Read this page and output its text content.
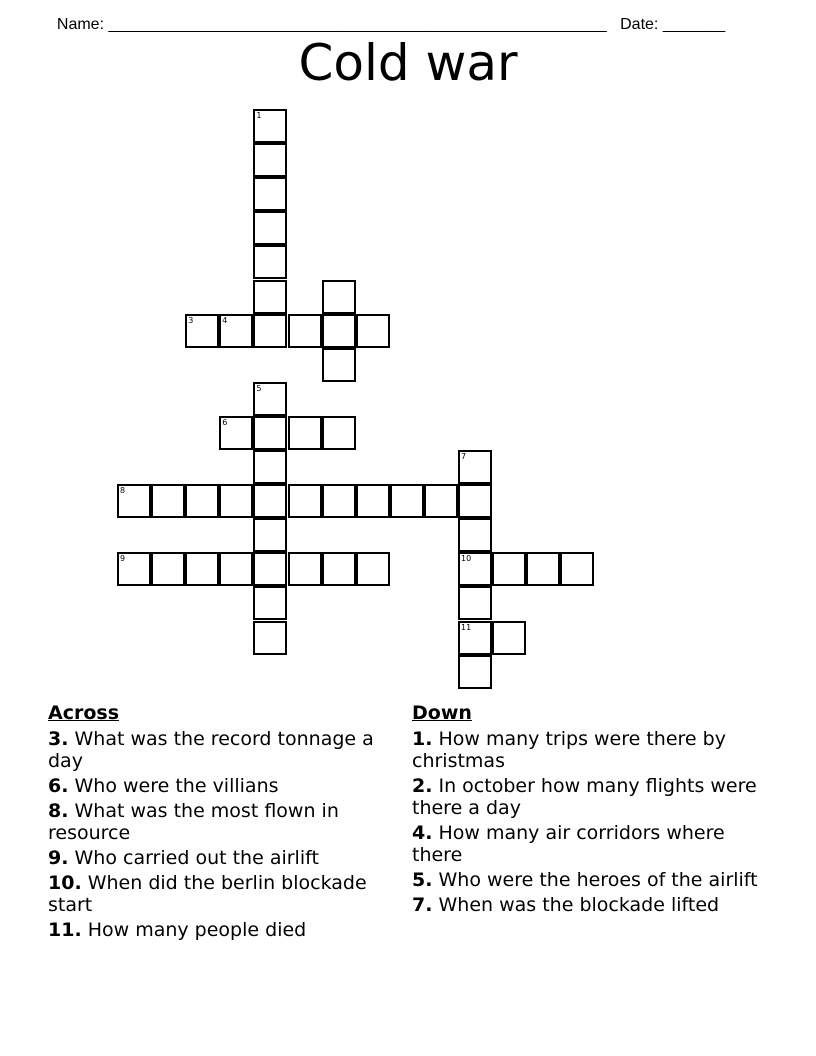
Name: ________________________________________________________ Date: _______

Cold war
1
3	4
5
6
8
9
7
10
11
Across
3. What was the record tonnage a day
6. Who were the villians
8. What was the most flown in resource
9. Who carried out the airlift
10. When did the berlin blockade start
11. How many people died
Down
1. How many trips were there by christmas
2. In october how many flights were there a day
4. How many air corridors where there
5. Who were the heroes of the airlift
7. When was the blockade lifted
